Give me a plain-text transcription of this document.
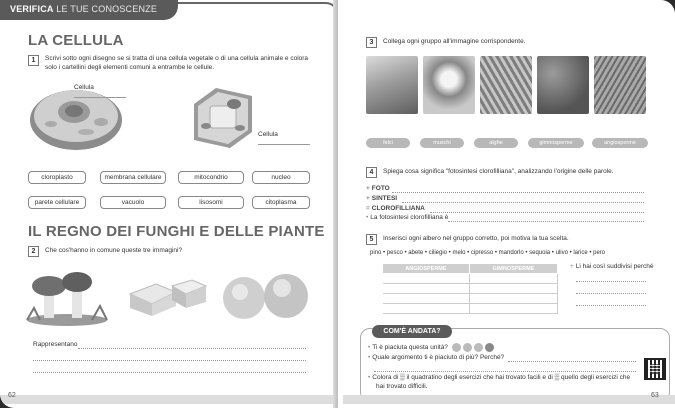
VERIFICA LE TUE CONOSCENZE
LA CELLULA
1	Scrivi sotto ogni disegno se si tratta di una cellula vegetale o di una cellula animale e colora
solo i cartellini degli elementi comuni a entrambe le cellule.
Cellula
Cellula
cloroplasto	membrana cellulare	mitocondrio	nucleo
parete cellulare	vacuolo	lisosomi	citoplasma
IL REGNO DEI FUNGHI E DELLE PIANTE
2	Che cos'hanno in comune queste tre immagini?
Rappresentano
62
3	Collega ogni gruppo all'immagine corrispondente.
felci	muschi	alghe	gimnosperme	angiosperme
4	Spiega cosa significa "fotosintesi clorofilliana", analizzando l'origine delle parole.
+ FOTO
+ SINTESI
= CLOROFILLIANA
• La fotosintesi clorofilliana è
5	Inserisci ogni albero nel gruppo corretto, poi motiva la tua scelta.
pino • pesco • abete • ciliegio • melo • cipresso • mandorlo • sequoia • ulivo • larice • pero
ANGIOSPERME	GIMNOSPERME

		+ Li hai così suddivisi perché
COM'È ANDATA?
• Ti è piaciuta questa unità?
• Quale argomento ti è piaciuto di più? Perché?
• Colora di ▒ il quadratino degli esercizi che hai trovato facili e di ▒ quello degli esercizi che
hai trovato difficili.
63
